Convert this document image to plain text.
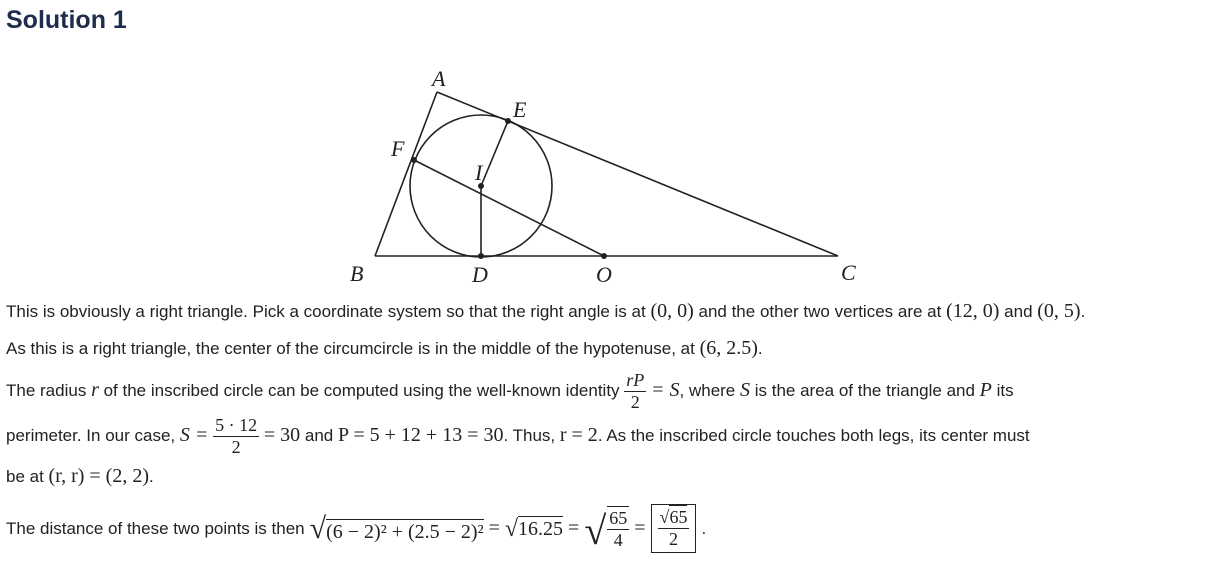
Solution 1
A
E
F
I
B	D	O	C
This is obviously a right triangle. Pick a coordinate system so that the right angle is at (0, 0) and the other two vertices are at (12, 0) and (0, 5).
As this is a right triangle, the center of the circumcircle is in the middle of the hypotenuse, at (6, 2.5).
The radius r of the inscribed circle can be computed using the well-known identity $\frac{rP}{2} = S$, where S is the area of the triangle and P its
perimeter. In our case, $S = \frac{5 \cdot 12}{2} = 30$ and P = 5 + 12 + 13 = 30. Thus, r = 2. As the inscribed circle touches both legs, its center must
be at (r, r) = (2, 2).
The distance of these two points is then √ (6 − 2)² + (2.5 − 2)² = √ 16.25 = √ $\frac{65}{4} = \frac{√65}{2}$ .
